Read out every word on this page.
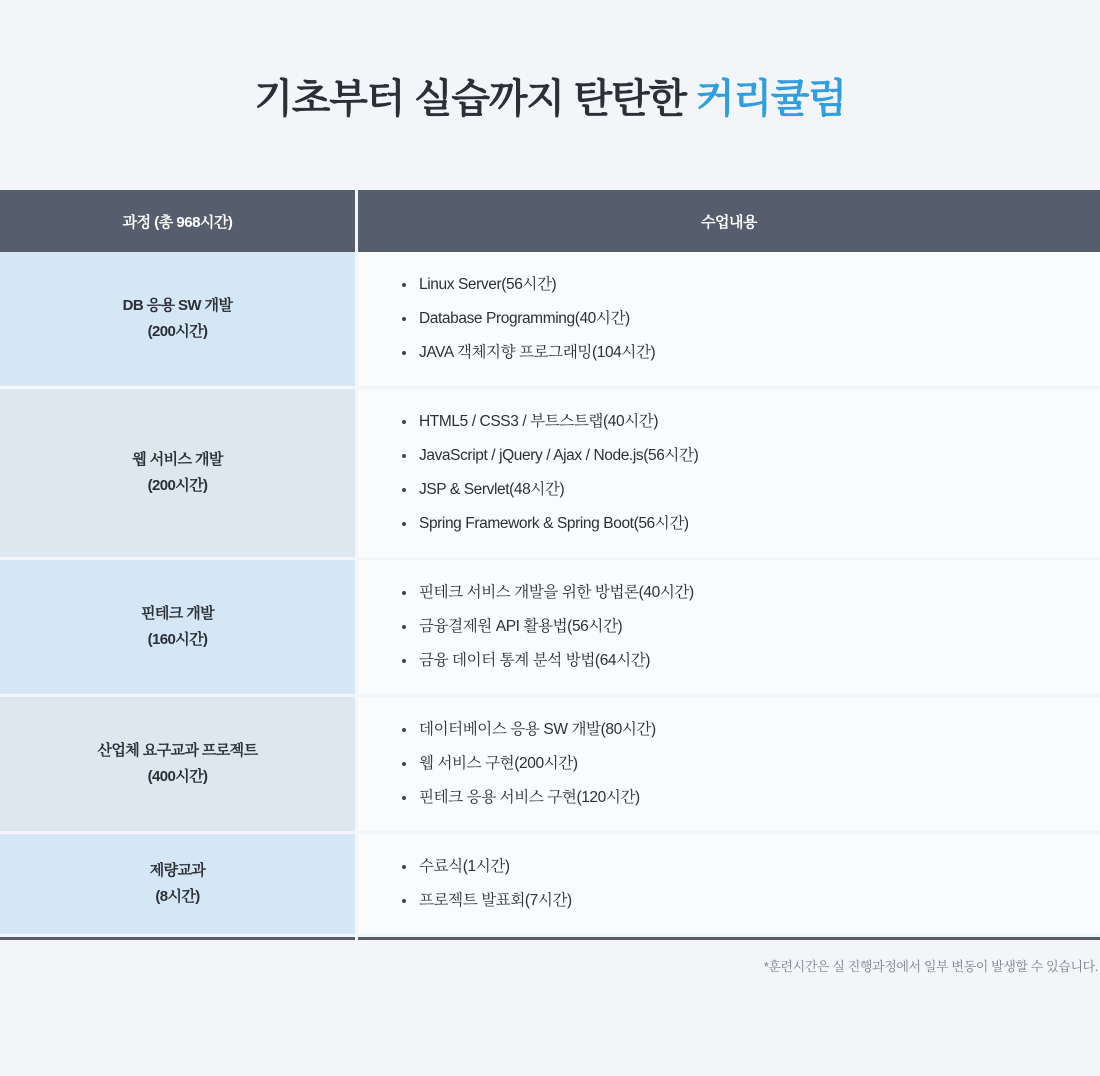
기초부터 실습까지 탄탄한 커리큘럼
과정 (총 968시간)	수업내용

DB 응용 SW 개발
(200시간)

Linux Server(56시간)
Database Programming(40시간)
JAVA 객체지향 프로그래밍(104시간)

웹 서비스 개발
(200시간)

HTML5 / CSS3 / 부트스트랩(40시간)
JavaScript / jQuery / Ajax / Node.js(56시간)
JSP & Servlet(48시간)
Spring Framework & Spring Boot(56시간)

핀테크 개발
(160시간)

핀테크 서비스 개발을 위한 방법론(40시간)
금융결제원 API 활용법(56시간)
금융 데이터 통계 분석 방법(64시간)

산업체 요구교과 프로젝트
(400시간)

데이터베이스 응용 SW 개발(80시간)
웹 서비스 구현(200시간)
핀테크 응용 서비스 구현(120시간)

제량교과
(8시간)

수료식(1시간)
프로젝트 발표회(7시간)
*훈련시간은 실 진행과정에서 일부 변동이 발생할 수 있습니다.
